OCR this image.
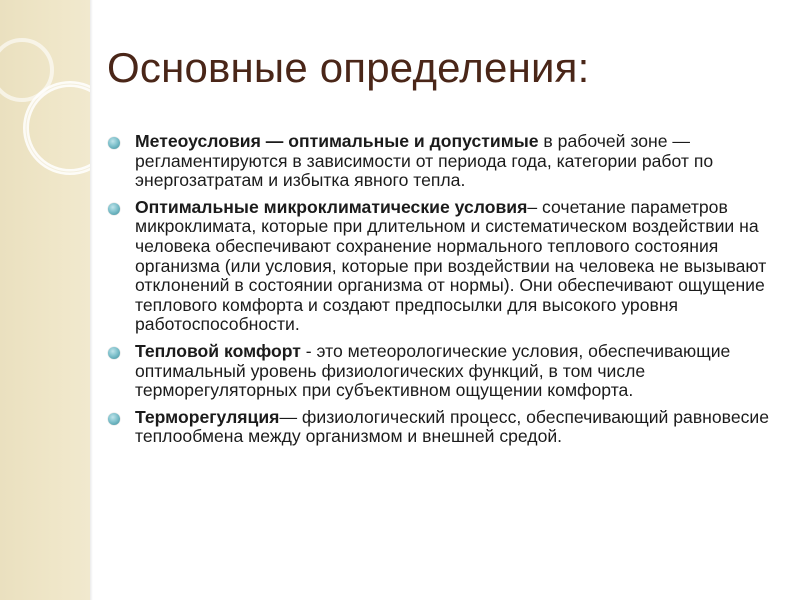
Основные определения:

Метеоусловия — оптимальные и допустимые в рабочей зоне — регламентируются в зависимости от периода года, категории работ по энергозатратам и избытка явного тепла.

Оптимальные микроклиматические условия– сочетание параметров микроклимата, которые при длительном и систематическом воздействии на человека обеспечивают сохранение нормального теплового состояния организма (или условия, которые при воздействии на человека не вызывают отклонений в состоянии организма от нормы). Они обеспечивают ощущение теплового комфорта и создают предпосылки для высокого уровня работоспособности.

Тепловой комфорт - это метеорологические условия, обеспечивающие оптимальный уровень физиологических функций, в том числе терморегуляторных при субъективном ощущении комфорта.

Терморегуляция— физиологический процесс, обеспечивающий равновесие теплообмена между организмом и внешней средой.
